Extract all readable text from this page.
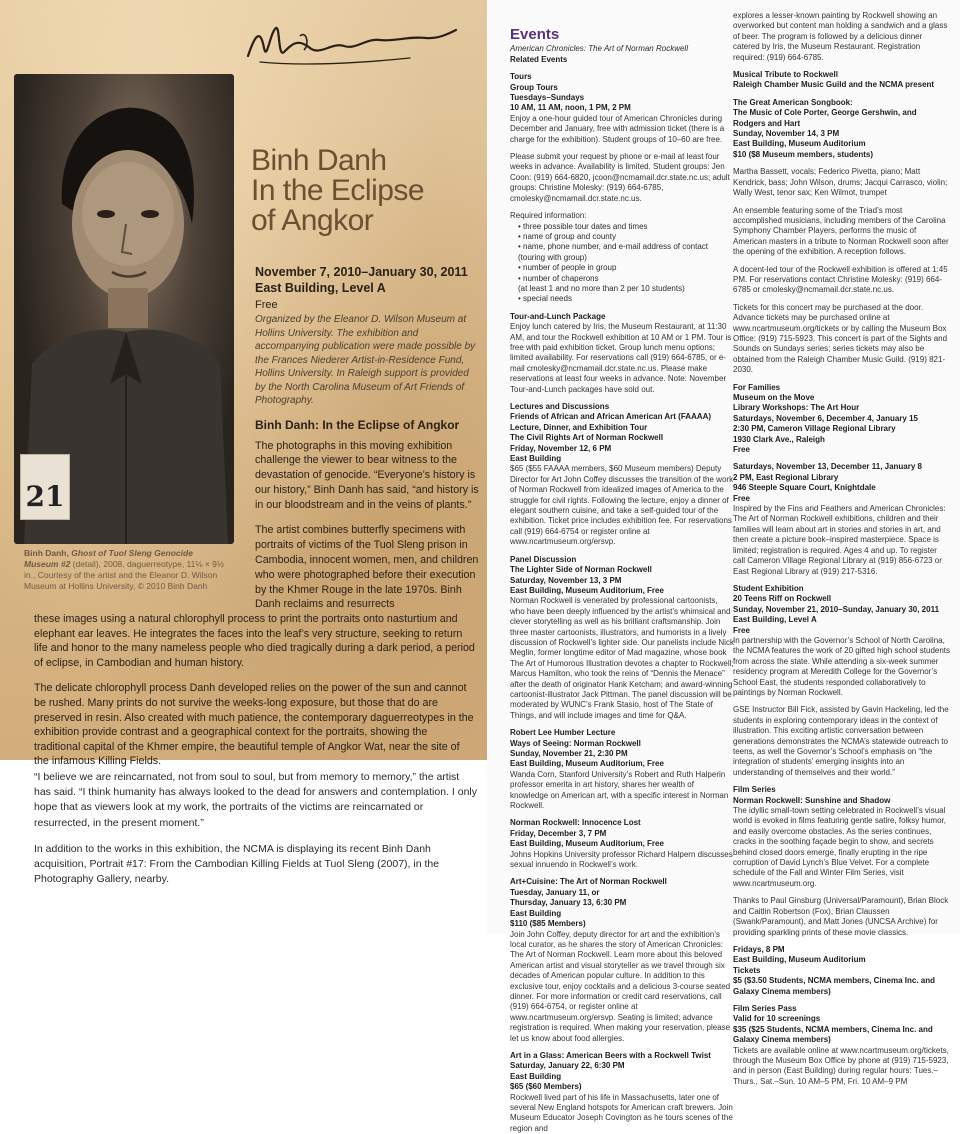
21
Binh Danh, Ghost of Tuol Sleng Genocide Museum #2 (detail), 2008, daguerreotype, 11⅛ × 9½ in., Courtesy of the artist and the Eleanor D. Wilson Museum at Hollins University, © 2010 Binh Danh
Binh Danh
In the Eclipse
of Angkor
November 7, 2010–January 30, 2011
East Building, Level A
Free
Organized by the Eleanor D. Wilson Museum at Hollins University. The exhibition and accompanying publication were made possible by the Frances Niederer Artist-in-Residence Fund, Hollins University. In Raleigh support is provided by the North Carolina Museum of Art Friends of Photography.
Binh Danh: In the Eclipse of Angkor
The photographs in this moving exhibition challenge the viewer to bear witness to the devastation of genocide. “Everyone’s history is our history,” Binh Danh has said, “and history is in our bloodstream and in the veins of plants.”
The artist combines butterfly specimens with portraits of victims of the Tuol Sleng prison in Cambodia, innocent women, men, and children who were photographed before their execution by the Khmer Rouge in the late 1970s. Binh Danh reclaims and resurrects
these images using a natural chlorophyll process to print the portraits onto nasturtium and elephant ear leaves. He integrates the faces into the leaf’s very structure, seeking to return life and honor to the many nameless people who died tragically during a dark period, a period of eclipse, in Cambodian and human history.
The delicate chlorophyll process Danh developed relies on the power of the sun and cannot be rushed. Many prints do not survive the weeks-long exposure, but those that do are preserved in resin. Also created with much patience, the contemporary daguerreotypes in the exhibition provide contrast and a geographical context for the portraits, showing the traditional capital of the Khmer empire, the beautiful temple of Angkor Wat, near the site of the infamous Killing Fields.
“I believe we are reincarnated, not from soul to soul, but from memory to memory,” the artist has said. “I think humanity has always looked to the dead for answers and contemplation. I only hope that as viewers look at my work, the portraits of the victims are reincarnated or resurrected, in the present moment.”
In addition to the works in this exhibition, the NCMA is displaying its recent Binh Danh acquisition, Portrait #17: From the Cambodian Killing Fields at Tuol Sleng (2007), in the Photography Gallery, nearby.
Events
American Chronicles: The Art of Norman Rockwell
Related Events
Tours
Group Tours
Tuesdays–Sundays
10 AM, 11 AM, noon, 1 PM, 2 PM
Enjoy a one-hour guided tour of American Chronicles during December and January, free with admission ticket (there is a charge for the exhibition). Student groups of 10–60 are free.
Please submit your request by phone or e-mail at least four weeks in advance. Availability is limited. Student groups: Jen Coon: (919) 664-6820, jcoon@ncmamail.dcr.state.nc.us; adult groups: Christine Molesky: (919) 664-6785, cmolesky@ncmamail.dcr.state.nc.us.
Required information:
• three possible tour dates and times
• name of group and county
• name, phone number, and e-mail address of contact
(touring with group)
• number of people in group
• number of chaperons
(at least 1 and no more than 2 per 10 students)
• special needs
Tour-and-Lunch Package
Enjoy lunch catered by Iris, the Museum Restaurant, at 11:30 AM, and tour the Rockwell exhibition at 10 AM or 1 PM. Tour is free with paid exhibition ticket. Group lunch menu options; limited availability. For reservations call (919) 664-6785, or e-mail cmolesky@ncmamail.dcr.state.nc.us. Please make reservations at least four weeks in advance. Note: November Tour-and-Lunch packages have sold out.
Lectures and Discussions
Friends of African and African American Art (FAAAA)
Lecture, Dinner, and Exhibition Tour
The Civil Rights Art of Norman Rockwell
Friday, November 12, 6 PM
East Building
$65 ($55 FAAAA members, $60 Museum members) Deputy Director for Art John Coffey discusses the transition of the work of Norman Rockwell from idealized images of America to the struggle for civil rights. Following the lecture, enjoy a dinner of elegant southern cuisine, and take a self-guided tour of the exhibition. Ticket price includes exhibition fee. For reservations call (919) 664-6754 or register online at www.ncartmuseum.org/ersvp.
Panel Discussion
The Lighter Side of Norman Rockwell
Saturday, November 13, 3 PM
East Building, Museum Auditorium, Free
Norman Rockwell is venerated by professional cartoonists, who have been deeply influenced by the artist’s whimsical and clever storytelling as well as his brilliant craftsmanship. Join three master cartoonists, illustrators, and humorists in a lively discussion of Rockwell’s lighter side. Our panelists include Nick Meglin, former longtime editor of Mad magazine, whose book The Art of Humorous Illustration devotes a chapter to Rockwell; Marcus Hamilton, who took the reins of “Dennis the Menace” after the death of originator Hank Ketcham; and award-winning cartoonist-illustrator Jack Pittman. The panel discussion will be moderated by WUNC’s Frank Stasio, host of The State of Things, and will include images and time for Q&A.
Robert Lee Humber Lecture
Ways of Seeing: Norman Rockwell
Sunday, November 21, 2:30 PM
East Building, Museum Auditorium, Free
Wanda Corn, Stanford University’s Robert and Ruth Halperin professor emerita in art history, shares her wealth of knowledge on American art, with a specific interest in Norman Rockwell.
Norman Rockwell: Innocence Lost
Friday, December 3, 7 PM
East Building, Museum Auditorium, Free
Johns Hopkins University professor Richard Halpern discusses sexual innuendo in Rockwell’s work.
Art+Cuisine: The Art of Norman Rockwell
Tuesday, January 11, or
Thursday, January 13, 6:30 PM
East Building
$110 ($85 Members)
Join John Coffey, deputy director for art and the exhibition’s local curator, as he shares the story of American Chronicles: The Art of Norman Rockwell. Learn more about this beloved American artist and visual storyteller as we travel through six decades of American popular culture. In addition to this exclusive tour, enjoy cocktails and a delicious 3-course seated dinner. For more information or credit card reservations, call (919) 664-6754, or register online at www.ncartmuseum.org/ersvp. Seating is limited; advance registration is required. When making your reservation, please let us know about food allergies.
Art in a Glass: American Beers with a Rockwell Twist
Saturday, January 22, 6:30 PM
East Building
$65 ($60 Members)
Rockwell lived part of his life in Massachusetts, later one of several New England hotspots for American craft brewers. Join Museum Educator Joseph Covington as he tours scenes of the region and
explores a lesser-known painting by Rockwell showing an overworked but content man holding a sandwich and a glass of beer. The program is followed by a delicious dinner catered by Iris, the Museum Restaurant. Registration required: (919) 664-6785.
Musical Tribute to Rockwell
Raleigh Chamber Music Guild and the NCMA present
The Great American Songbook:
The Music of Cole Porter, George Gershwin, and Rodgers and Hart
Sunday, November 14, 3 PM
East Building, Museum Auditorium
$10 ($8 Museum members, students)
Martha Bassett, vocals; Federico Pivetta, piano; Matt Kendrick, bass; John Wilson, drums; Jacqui Carrasco, violin; Wally West, tenor sax; Ken Wilmot, trumpet
An ensemble featuring some of the Triad’s most accomplished musicians, including members of the Carolina Symphony Chamber Players, performs the music of American masters in a tribute to Norman Rockwell soon after the opening of the exhibition. A reception follows.
A docent-led tour of the Rockwell exhibition is offered at 1:45 PM. For reservations contact Christine Molesky: (919) 664-6785 or cmolesky@ncmamail.dcr.state.nc.us.
Tickets for this concert may be purchased at the door. Advance tickets may be purchased online at www.ncartmuseum.org/tickets or by calling the Museum Box Office: (919) 715-5923. This concert is part of the Sights and Sounds on Sundays series; series tickets may also be obtained from the Raleigh Chamber Music Guild. (919) 821-2030.
For Families
Museum on the Move
Library Workshops: The Art Hour
Saturdays, November 6, December 4, January 15
2:30 PM, Cameron Village Regional Library
1930 Clark Ave., Raleigh
Free
Saturdays, November 13, December 11, January 8
2 PM, East Regional Library
946 Steeple Square Court, Knightdale
Free
Inspired by the Fins and Feathers and American Chronicles: The Art of Norman Rockwell exhibitions, children and their families will learn about art in stories and stories in art, and then create a picture book–inspired masterpiece. Space is limited; registration is required. Ages 4 and up. To register call Cameron Village Regional Library at (919) 856-6723 or East Regional Library at (919) 217-5316.
Student Exhibition
20 Teens Riff on Rockwell
Sunday, November 21, 2010–Sunday, January 30, 2011
East Building, Level A
Free
In partnership with the Governor’s School of North Carolina, the NCMA features the work of 20 gifted high school students from across the state. While attending a six-week summer residency program at Meredith College for the Governor’s School East, the students responded collaboratively to paintings by Norman Rockwell.
GSE Instructor Bill Fick, assisted by Gavin Hackeling, led the students in exploring contemporary ideas in the context of illustration. This exciting artistic conversation between generations demonstrates the NCMA’s statewide outreach to teens, as well the Governor’s School’s emphasis on “the integration of students’ emerging insights into an understanding of themselves and their world.”
Film Series
Norman Rockwell: Sunshine and Shadow
The idyllic small-town setting celebrated in Rockwell’s visual world is evoked in films featuring gentle satire, folksy humor, and easily overcome obstacles. As the series continues, cracks in the soothing façade begin to show, and secrets behind closed doors emerge, finally erupting in the ripe corruption of David Lynch’s Blue Velvet. For a complete schedule of the Fall and Winter Film Series, visit www.ncartmuseum.org.
Thanks to Paul Ginsburg (Universal/Paramount), Brian Block and Caitlin Robertson (Fox), Brian Claussen (Swank/Paramount), and Matt Jones (UNCSA Archive) for providing sparkling prints of these movie classics.
Fridays, 8 PM
East Building, Museum Auditorium
Tickets
$5 ($3.50 Students, NCMA members, Cinema Inc. and Galaxy Cinema members)
Film Series Pass
Valid for 10 screenings
$35 ($25 Students, NCMA members, Cinema Inc. and Galaxy Cinema members)
Tickets are available online at www.ncartmuseum.org/tickets, through the Museum Box Office by phone at (919) 715-5923, and in person (East Building) during regular hours: Tues.–Thurs., Sat.–Sun. 10 AM–5 PM, Fri. 10 AM–9 PM
